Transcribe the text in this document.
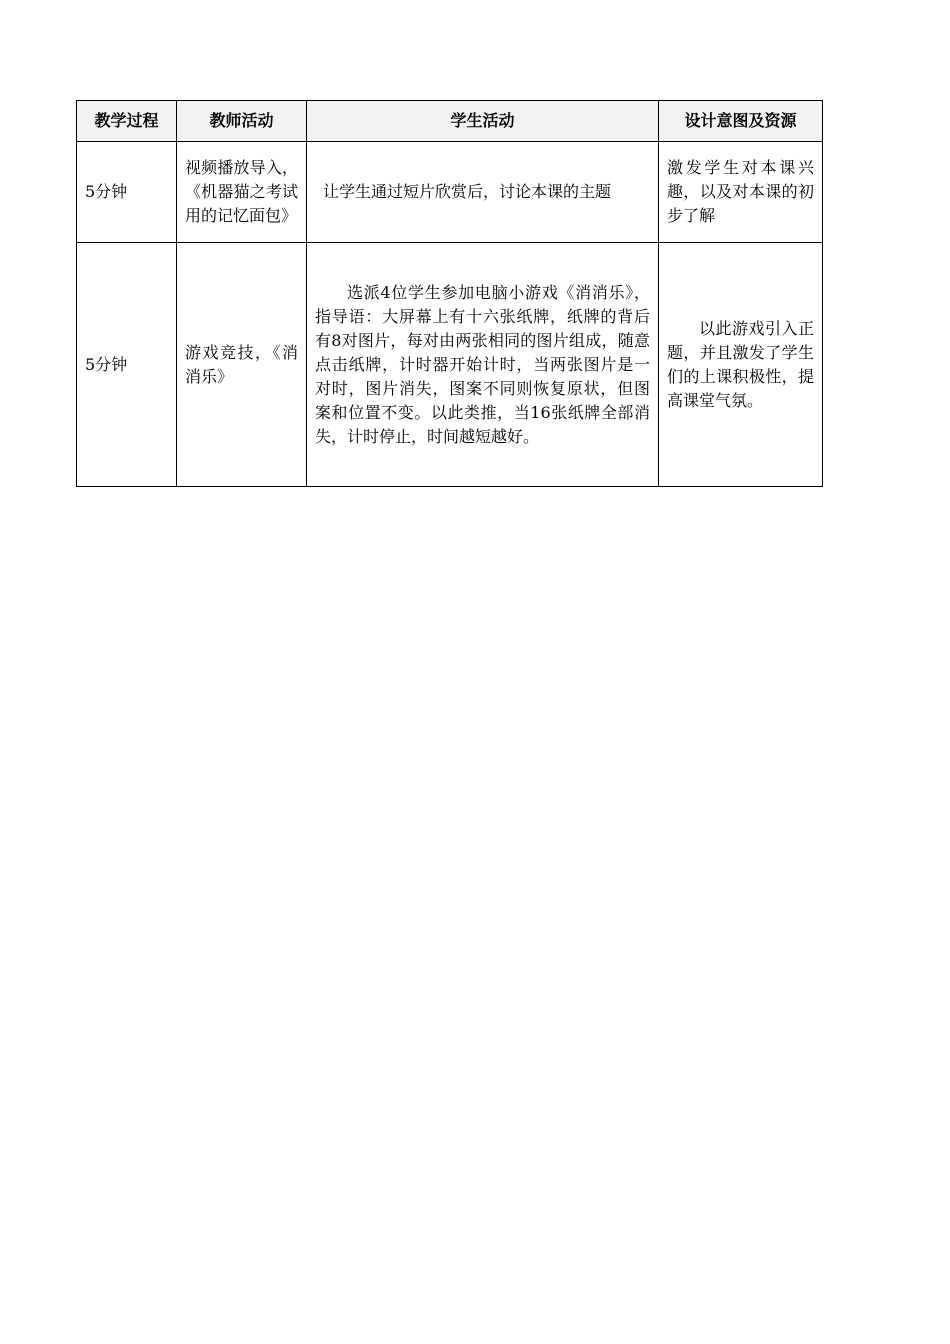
教学过程	教师活动	学生活动	设计意图及资源
5分钟	视频播放导入，《机器猫之考试用的记忆面包》	让学生通过短片欣赏后，讨论本课的主题	激发学生对本课兴趣，以及对本课的初步了解
5分钟	游戏竞技，《消消乐》	选派4位学生参加电脑小游戏《消消乐》，指导语：大屏幕上有十六张纸牌，纸牌的背后有8对图片，每对由两张相同的图片组成，随意点击纸牌，计时器开始计时，当两张图片是一对时，图片消失，图案不同则恢复原状，但图案和位置不变。以此类推，当16张纸牌全部消失，计时停止，时间越短越好。	以此游戏引入正题，并且激发了学生们的上课积极性，提高课堂气氛。
